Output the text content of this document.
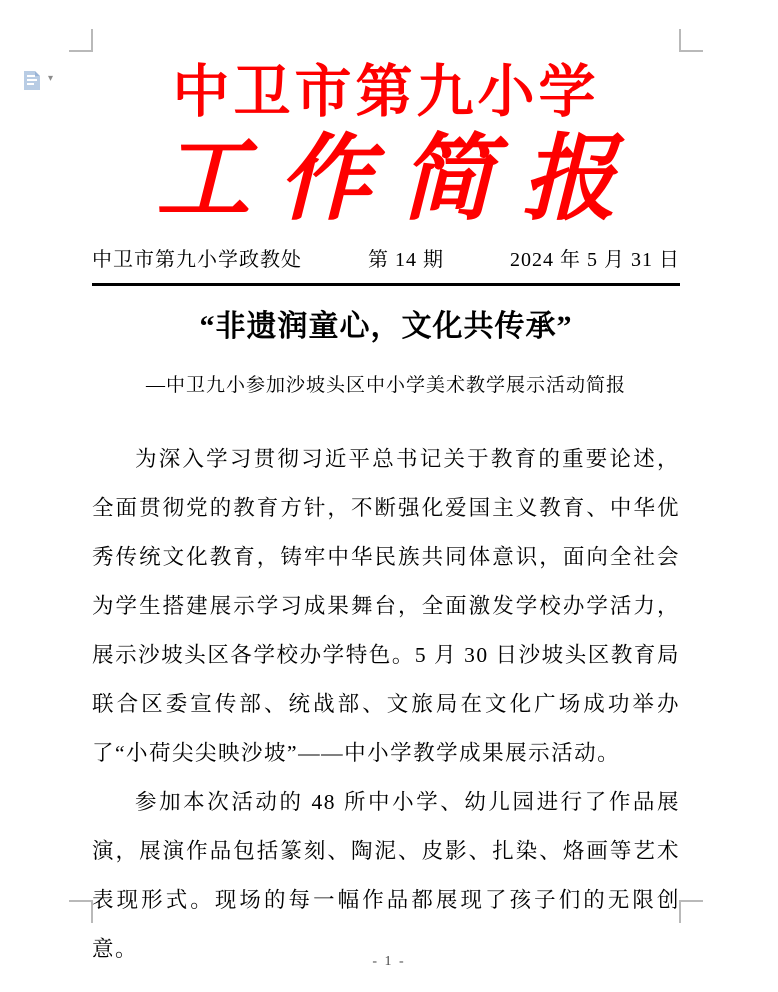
▾	中卫市第九小学
工作简报
中卫市第九小学政教处	第 14 期	2024 年 5 月 31 日
“非遗润童心，文化共传承”
—中卫九小参加沙坡头区中小学美术教学展示活动简报

为深入学习贯彻习近平总书记关于教育的重要论述，全面贯彻党的教育方针，不断强化爱国主义教育、中华优秀传统文化教育，铸牢中华民族共同体意识，面向全社会为学生搭建展示学习成果舞台，全面激发学校办学活力，展示沙坡头区各学校办学特色。5 月 30 日沙坡头区教育局联合区委宣传部、统战部、文旅局在文化广场成功举办了“小荷尖尖映沙坡”——中小学教学成果展示活动。

参加本次活动的 48 所中小学、幼儿园进行了作品展演，展演作品包括篆刻、陶泥、皮影、扎染、烙画等艺术表现形式。现场的每一幅作品都展现了孩子们的无限创意。

- 1 -
